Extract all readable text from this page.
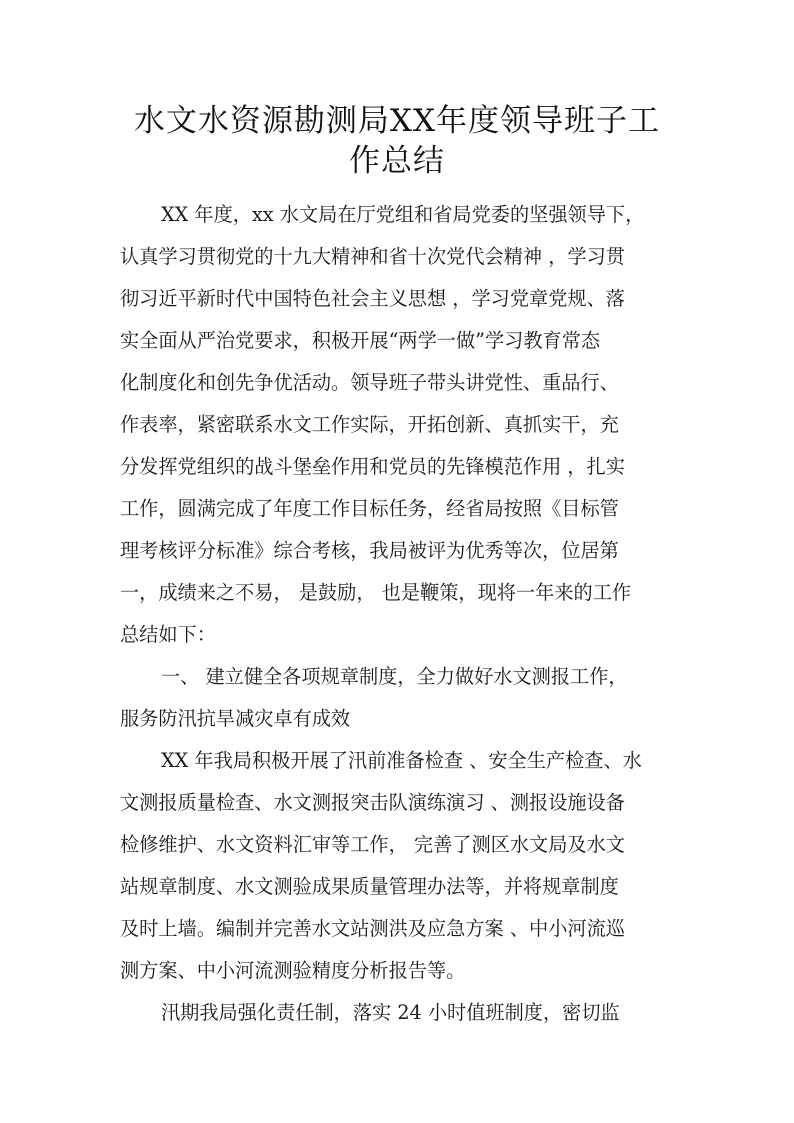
水文水资源勘测局XX年度领导班子工
作总结
XX 年度，xx 水文局在厅党组和省局党委的坚强领导下，
认真学习贯彻党的十九大精神和省十次党代会精神 ，学习贯
彻习近平新时代中国特色社会主义思想 ，学习党章党规、落
实全面从严治党要求，积极开展“两学一做”学习教育常态
化制度化和创先争优活动。领导班子带头讲党性、重品行、
作表率，紧密联系水文工作实际，开拓创新、真抓实干，充
分发挥党组织的战斗堡垒作用和党员的先锋模范作用 ，扎实
工作，圆满完成了年度工作目标任务，经省局按照《目标管
理考核评分标准》综合考核，我局被评为优秀等次，位居第
一，成绩来之不易， 是鼓励， 也是鞭策，现将一年来的工作
总结如下：
一、 建立健全各项规章制度，全力做好水文测报工作，
服务防汛抗旱减灾卓有成效
XX 年我局积极开展了汛前准备检查 、安全生产检查、水
文测报质量检查、水文测报突击队演练演习 、测报设施设备
检修维护、水文资料汇审等工作， 完善了测区水文局及水文
站规章制度、水文测验成果质量管理办法等，并将规章制度
及时上墙。编制并完善水文站测洪及应急方案 、中小河流巡
测方案、中小河流测验精度分析报告等。
汛期我局强化责任制，落实 24 小时值班制度，密切监
